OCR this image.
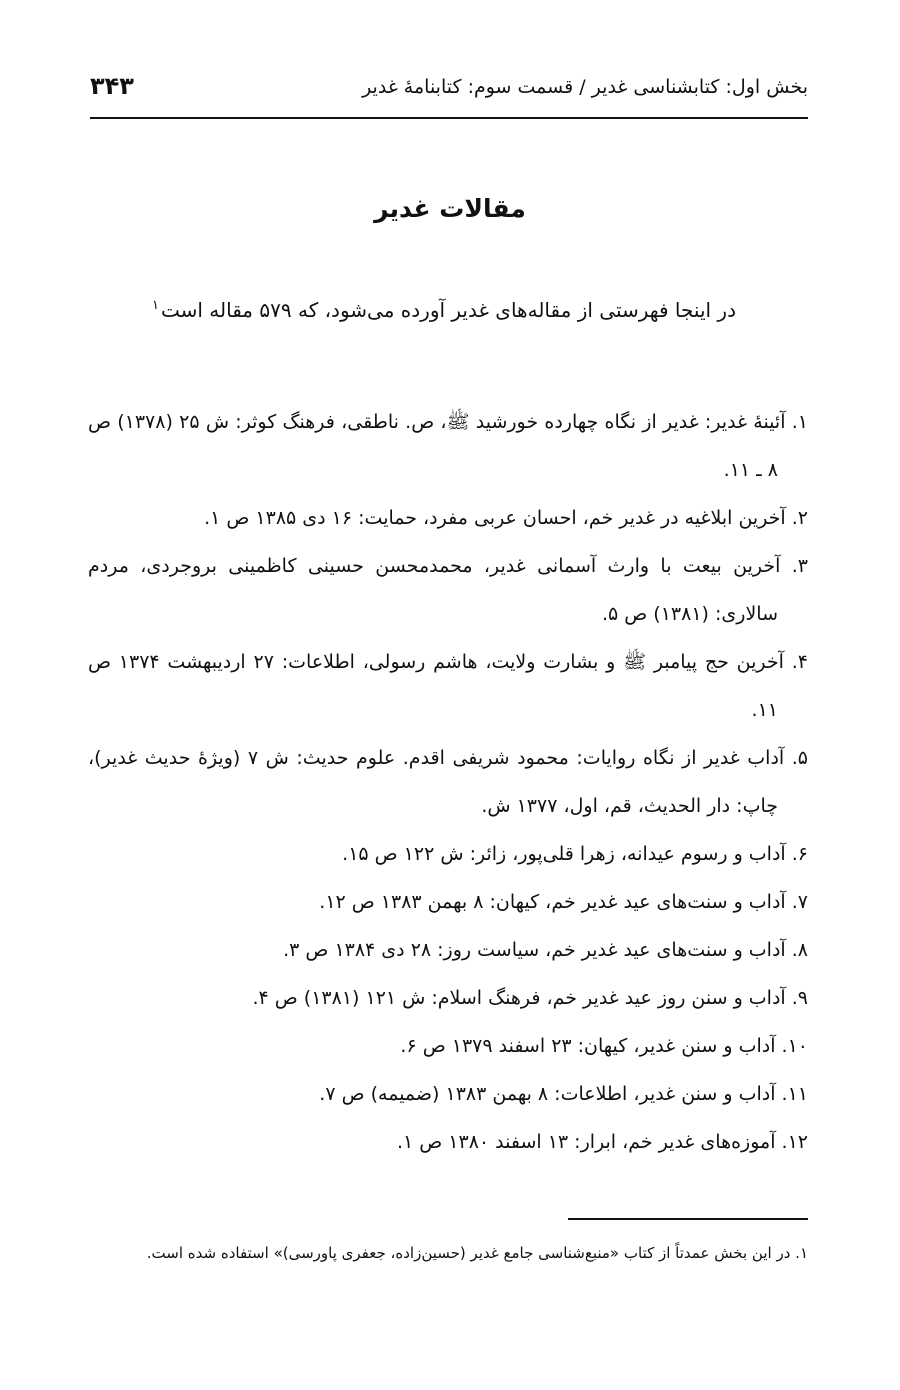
بخش اول: کتابشناسی غدیر / قسمت سوم: کتابنامهٔ غدیر
۳۴۳
مقالات غدیر
در اینجا فهرستی از مقاله‌های غدیر آورده می‌شود، که ۵۷۹ مقاله است$^۱$
۱. آئینهٔ غدیر: غدیر از نگاه چهارده خورشید ﷺ، ص. ناطقی، فرهنگ کوثر: ش ۲۵ (۱۳۷۸) ص ۸ ـ ۱۱.
۲. آخرین ابلاغیه در غدیر خم، احسان عربی مفرد، حمایت: ۱۶ دی ۱۳۸۵ ص ۱.
۳. آخرین بیعت با وارث آسمانی غدیر، محمدمحسن حسینی کاظمینی بروجردی، مردم سالاری: (۱۳۸۱) ص ۵.
۴. آخرین حج پیامبر ﷺ و بشارت ولایت، هاشم رسولی، اطلاعات: ۲۷ اردیبهشت ۱۳۷۴ ص ۱۱.
۵. آداب غدیر از نگاه روایات: محمود شریفی اقدم. علوم حدیث: ش ۷ (ویژهٔ حدیث غدیر)، چاپ: دار الحدیث، قم، اول، ۱۳۷۷ ش.
۶. آداب و رسوم عیدانه، زهرا قلی‌پور، زائر: ش ۱۲۲ ص ۱۵.
۷. آداب و سنت‌های عید غدیر خم، کیهان: ۸ بهمن ۱۳۸۳ ص ۱۲.
۸. آداب و سنت‌های عید غدیر خم، سیاست روز: ۲۸ دی ۱۳۸۴ ص ۳.
۹. آداب و سنن روز عید غدیر خم، فرهنگ اسلام: ش ۱۲۱ (۱۳۸۱) ص ۴.
۱۰. آداب و سنن غدیر، کیهان: ۲۳ اسفند ۱۳۷۹ ص ۶.
۱۱. آداب و سنن غدیر، اطلاعات: ۸ بهمن ۱۳۸۳ (ضمیمه) ص ۷.
۱۲. آموزه‌های غدیر خم، ابرار: ۱۳ اسفند ۱۳۸۰ ص ۱.
۱. در این بخش عمدتاً از کتاب «منبع‌شناسی جامع غدیر (حسین‌زاده، جعفری پاورسی)» استفاده شده است.
